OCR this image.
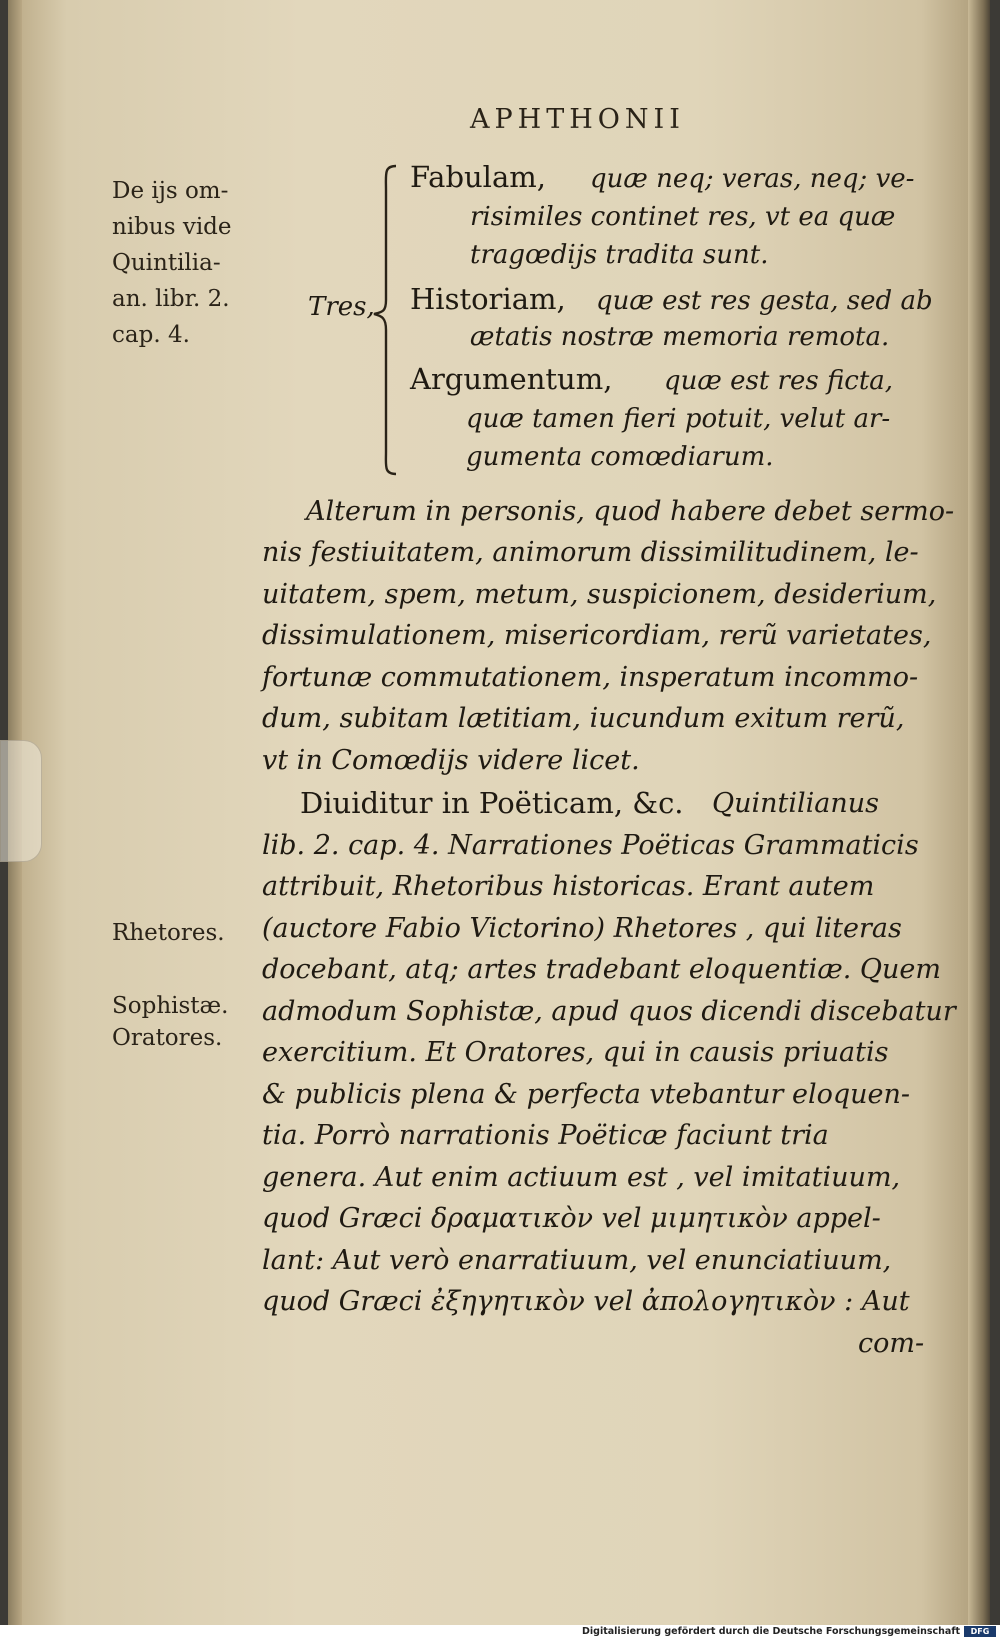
APHTHONII
De ijs om-
nibus vide
Quintilia-
an. libr. 2.
cap. 4.
Rhetores.
Sophistæ.
Oratores.
Tres,
Fabulam, quæ neq; veras, neq; ve-
risimiles continet res, vt ea quæ
tragœdijs tradita sunt.
Historiam, quæ est res gesta, sed ab
ætatis nostræ memoria remota.
Argumentum, quæ est res ficta,
quæ tamen fieri potuit, velut ar-
gumenta comœdiarum.
Alterum in personis, quod habere debet sermo-
nis festiuitatem, animorum dissimilitudinem, le-
uitatem, spem, metum, suspicionem, desiderium,
dissimulationem, misericordiam, rerũ varietates,
fortunæ commutationem, insperatum incommo-
dum, subitam lætitiam, iucundum exitum rerũ,
vt in Comœdijs videre licet.
Diuiditur in Poëticam, &c. Quintilianus
lib. 2. cap. 4. Narrationes Poëticas Grammaticis
attribuit, Rhetoribus historicas. Erant autem
(auctore Fabio Victorino) Rhetores , qui literas
docebant, atq; artes tradebant eloquentiæ. Quem
admodum Sophistæ, apud quos dicendi discebatur
exercitium. Et Oratores, qui in causis priuatis
& publicis plena & perfecta vtebantur eloquen-
tia. Porrò narrationis Poëticæ faciunt tria
genera. Aut enim actiuum est , vel imitatiuum,
quod Græci δραματικὸν vel μιμητικὸν appel-
lant: Aut verò enarratiuum, vel enunciatiuum,
quod Græci ἐξηγητικὸν vel ἀπολογητικὸν : Aut
com-
Digitalisierung gefördert durch die Deutsche Forschungsgemeinschaft	DFG
